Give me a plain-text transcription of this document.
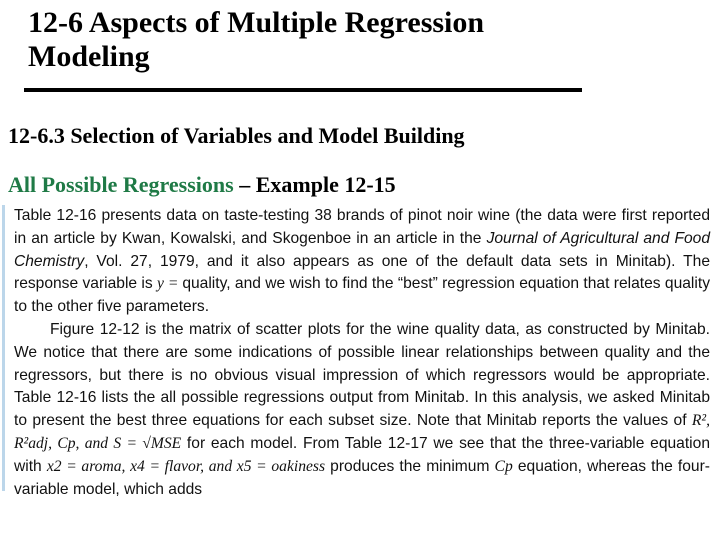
12-6 Aspects of Multiple Regression Modeling
12-6.3 Selection of Variables and Model Building
All Possible Regressions – Example 12-15

Table 12-16 presents data on taste-testing 38 brands of pinot noir wine (the data were first reported in an article by Kwan, Kowalski, and Skogenboe in an article in the Journal of Agricultural and Food Chemistry, Vol. 27, 1979, and it also appears as one of the default data sets in Minitab). The response variable is y = quality, and we wish to find the “best” regression equation that relates quality to the other five parameters.

Figure 12-12 is the matrix of scatter plots for the wine quality data, as constructed by Minitab. We notice that there are some indications of possible linear relationships between quality and the regressors, but there is no obvious visual impression of which regressors would be appropriate. Table 12-16 lists the all possible regressions output from Minitab. In this analysis, we asked Minitab to present the best three equations for each subset size. Note that Minitab reports the values of R², R²adj, Cp, and S = √MSE for each model. From Table 12-17 we see that the three-variable equation with x2 = aroma, x4 = flavor, and x5 = oakiness produces the minimum Cp equation, whereas the four-variable model, which adds
